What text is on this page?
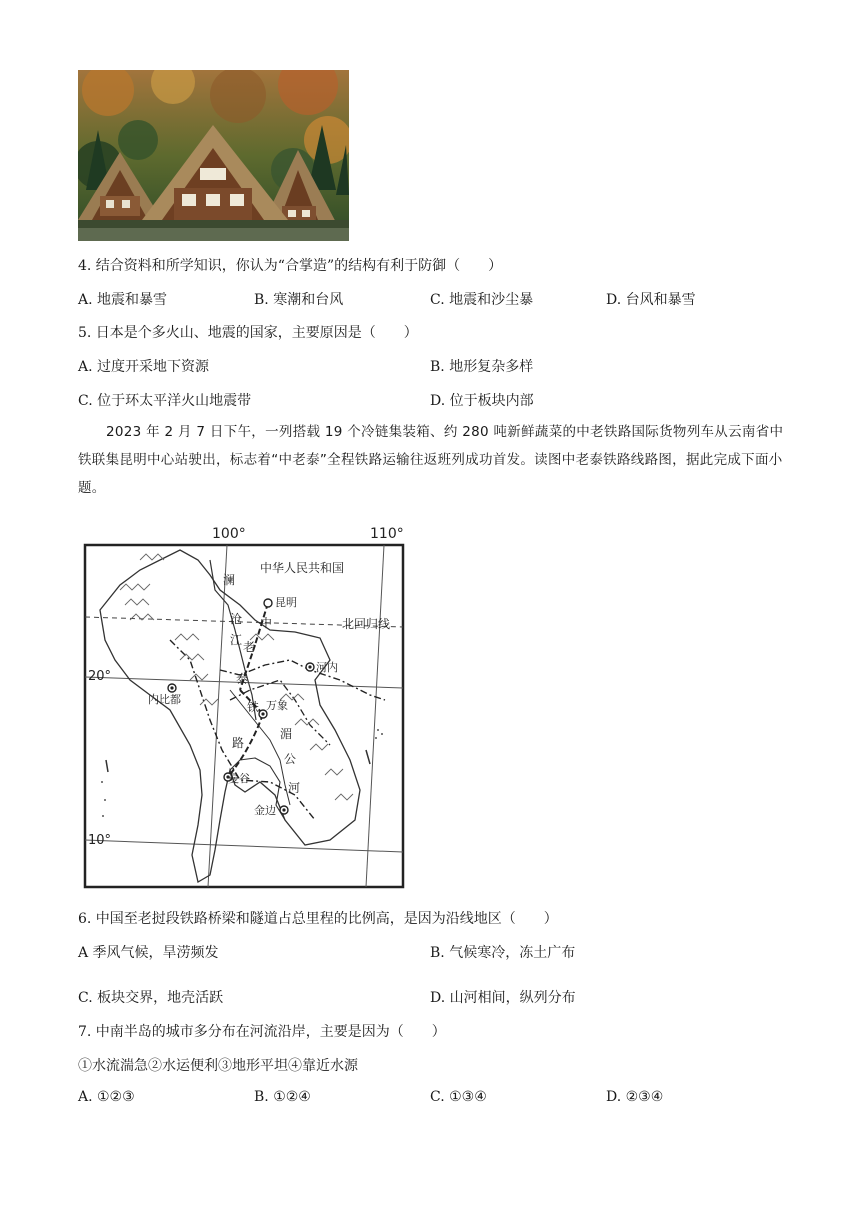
4. 结合资料和所学知识，你认为“合掌造”的结构有利于防御（　　）
A. 地震和暴雪	B. 寒潮和台风	C. 地震和沙尘暴	D. 台风和暴雪
5. 日本是个多火山、地震的国家，主要原因是（　　）
A. 过度开采地下资源	B. 地形复杂多样
C. 位于环太平洋火山地震带	D. 位于板块内部
2023 年 2 月 7 日下午，一列搭载 19 个冷链集装箱、约 280 吨新鲜蔬菜的中老铁路国际货物列车从云南省中铁联集昆明中心站驶出，标志着“中老泰”全程铁路运输往返班列成功首发。读图中老泰铁路线路图，据此完成下面小题。
100°	110°
20°
10°
北回归线
中华人民共和国
昆明
河内
内比都	万象
曼谷
金边
澜
沧
江
中
老
泰
铁
路
湄
公
河
6. 中国至老挝段铁路桥梁和隧道占总里程的比例高，是因为沿线地区（　　）
A 季风气候，旱涝频发	B. 气候寒冷，冻土广布
C. 板块交界，地壳活跃	D. 山河相间，纵列分布
7. 中南半岛的城市多分布在河流沿岸，主要是因为（　　）
①水流湍急②水运便利③地形平坦④靠近水源
A. ①②③	B. ①②④	C. ①③④	D. ②③④
